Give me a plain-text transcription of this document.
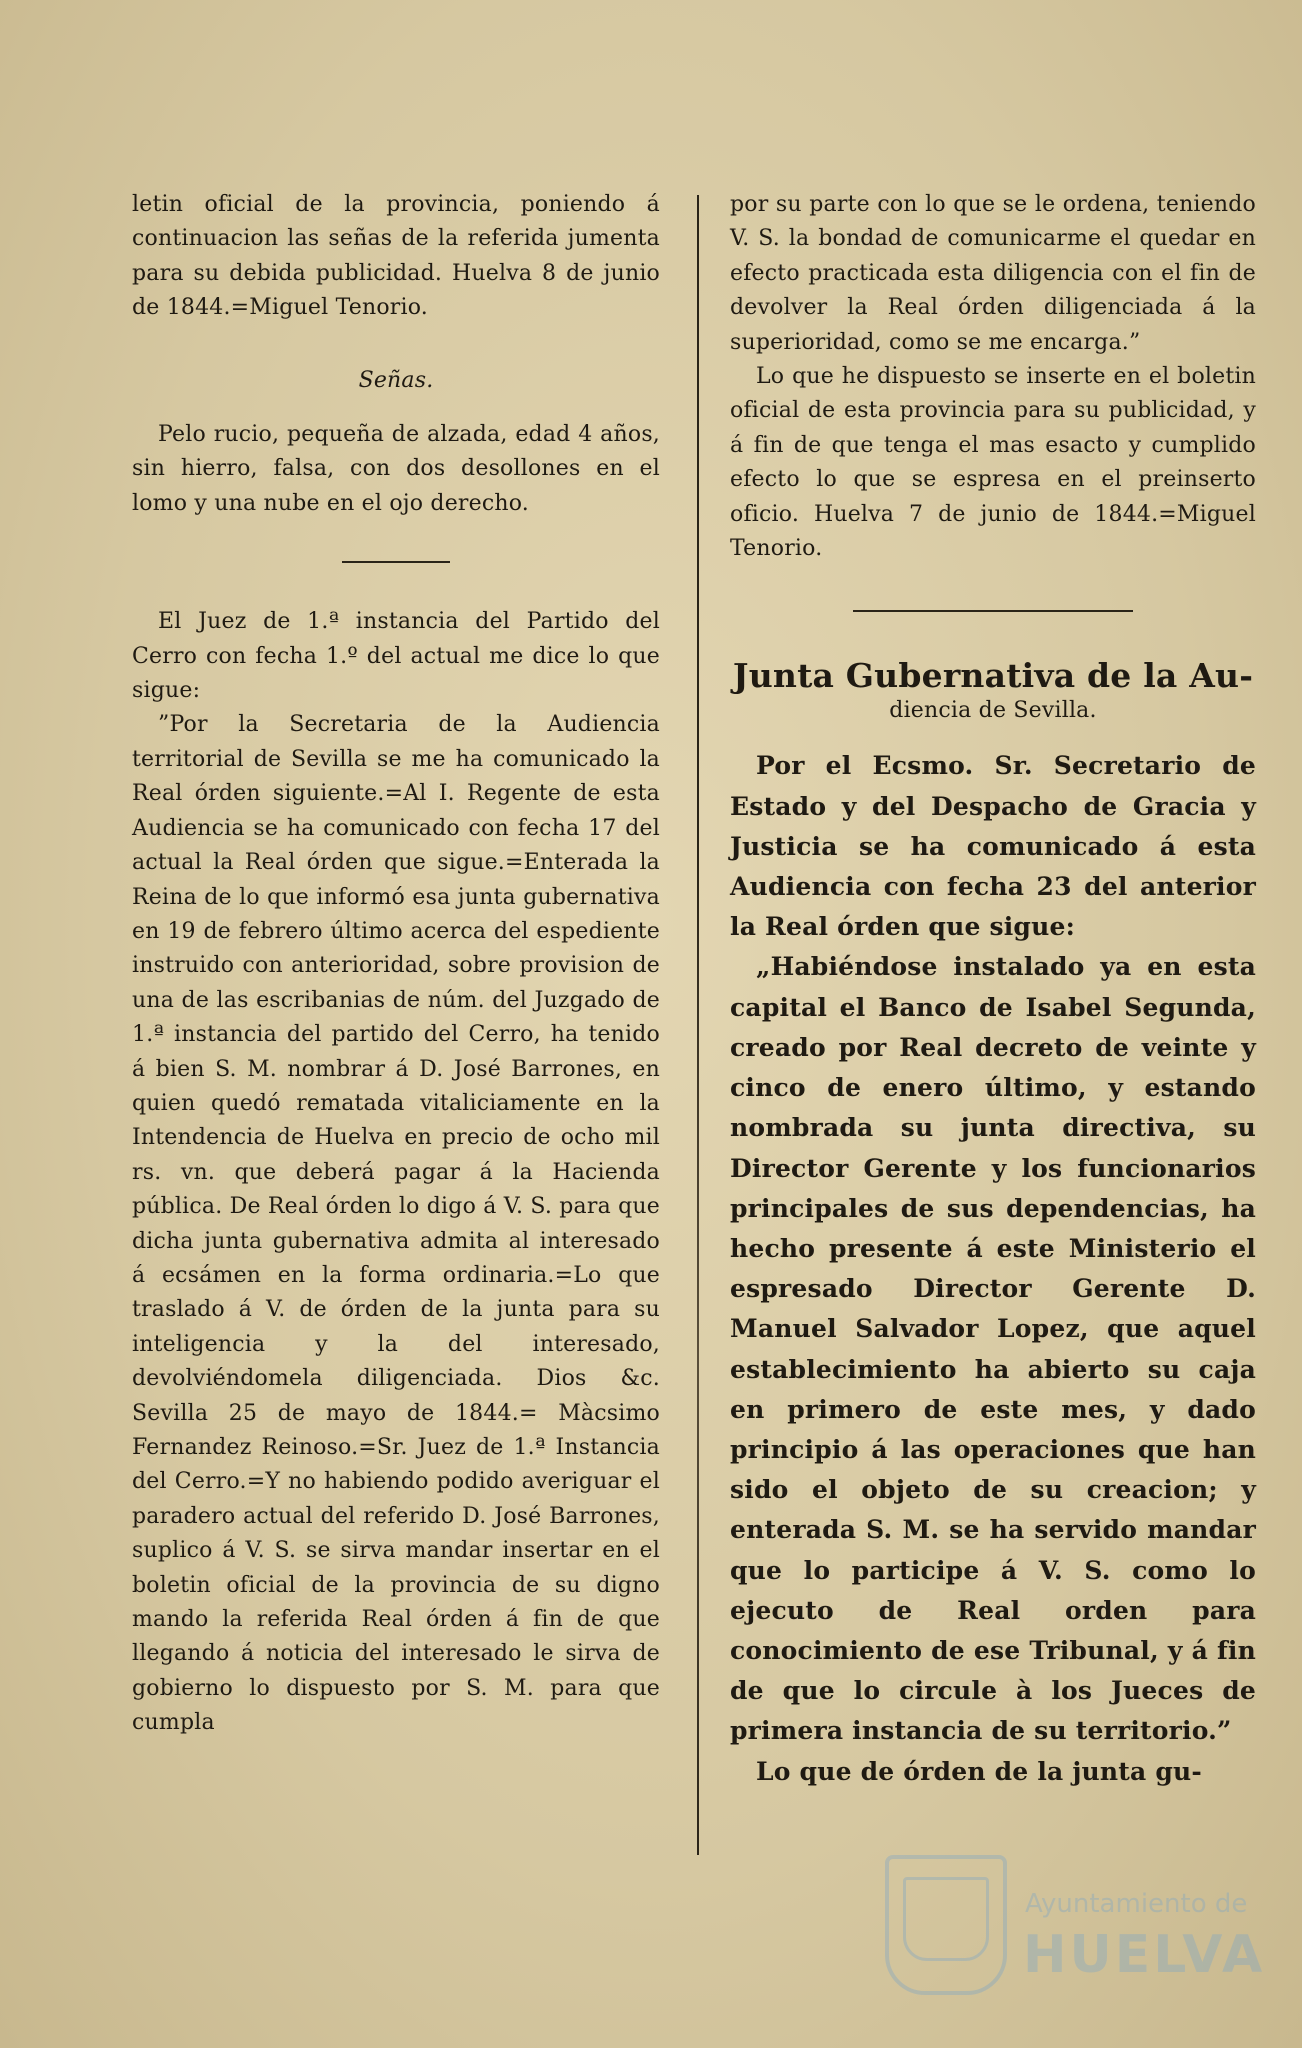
letin oficial de la provincia, poniendo á continuacion las señas de la referida jumenta para su debida publicidad. Huelva 8 de junio de 1844.=Miguel Tenorio.

Señas.

Pelo rucio, pequeña de alzada, edad 4 años, sin hierro, falsa, con dos desollones en el lomo y una nube en el ojo derecho.

El Juez de 1.ª instancia del Partido del Cerro con fecha 1.º del actual me dice lo que sigue:

”Por la Secretaria de la Audiencia territorial de Sevilla se me ha comunicado la Real órden siguiente.=Al I. Regente de esta Audiencia se ha comunicado con fecha 17 del actual la Real órden que sigue.=Enterada la Reina de lo que informó esa junta gubernativa en 19 de febrero último acerca del espediente instruido con anterioridad, sobre provision de una de las escribanias de núm. del Juzgado de 1.ª instancia del partido del Cerro, ha tenido á bien S. M. nombrar á D. José Barrones, en quien quedó rematada vitaliciamente en la Intendencia de Huelva en precio de ocho mil rs. vn. que deberá pagar á la Hacienda pública. De Real órden lo digo á V. S. para que dicha junta gubernativa admita al interesado á ecsámen en la forma ordinaria.=Lo que traslado á V. de órden de la junta para su inteligencia y la del interesado, devolviéndomela diligenciada. Dios &c. Sevilla 25 de mayo de 1844.= Màcsimo Fernandez Reinoso.=Sr. Juez de 1.ª Instancia del Cerro.=Y no habiendo podido averiguar el paradero actual del referido D. José Barrones, suplico á V. S. se sirva mandar insertar en el boletin oficial de la provincia de su digno mando la referida Real órden á fin de que llegando á noticia del interesado le sirva de gobierno lo dispuesto por S. M. para que cumpla

por su parte con lo que se le ordena, teniendo V. S. la bondad de comunicarme el quedar en efecto practicada esta diligencia con el fin de devolver la Real órden diligenciada á la superioridad, como se me encarga.”

Lo que he dispuesto se inserte en el boletin oficial de esta provincia para su publicidad, y á fin de que tenga el mas esacto y cumplido efecto lo que se espresa en el preinserto oficio. Huelva 7 de junio de 1844.=Miguel Tenorio.

Junta Gubernativa de la Au-

diencia de Sevilla.

Por el Ecsmo. Sr. Secretario de Estado y del Despacho de Gracia y Justicia se ha comunicado á esta Audiencia con fecha 23 del anterior la Real órden que sigue:

„Habiéndose instalado ya en esta capital el Banco de Isabel Segunda, creado por Real decreto de veinte y cinco de enero último, y estando nombrada su junta directiva, su Director Gerente y los funcionarios principales de sus dependencias, ha hecho presente á este Ministerio el espresado Director Gerente D. Manuel Salvador Lopez, que aquel establecimiento ha abierto su caja en primero de este mes, y dado principio á las operaciones que han sido el objeto de su creacion; y enterada S. M. se ha servido mandar que lo participe á V. S. como lo ejecuto de Real orden para conocimiento de ese Tribunal, y á fin de que lo circule à los Jueces de primera instancia de su territorio.”

Lo que de órden de la junta gu-

Ayuntamiento de
HUELVA
